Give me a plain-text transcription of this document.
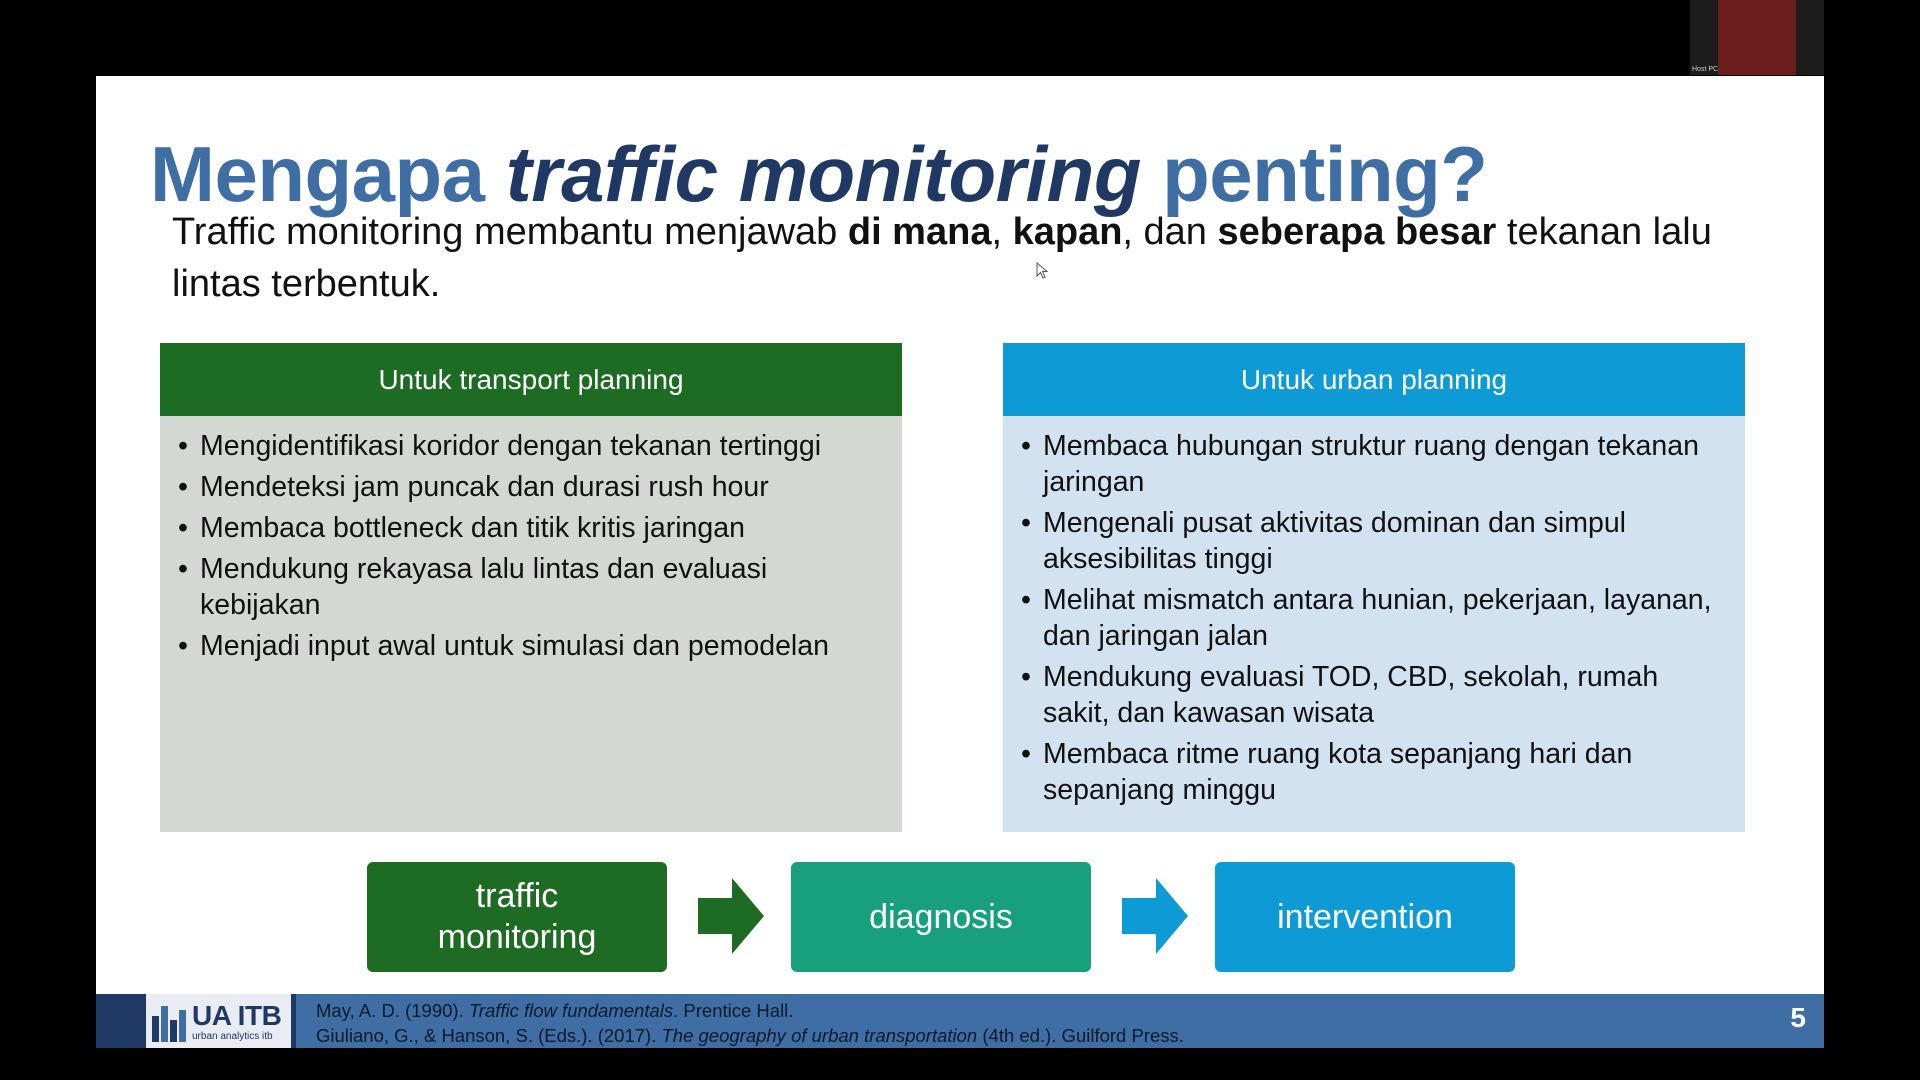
Host PC
Mengapa traffic monitoring penting?

Traffic monitoring membantu menjawab di mana, kapan, dan seberapa besar tekanan lalu lintas terbentuk.

Untuk transport planning
• Mengidentifikasi koridor dengan tekanan tertinggi
• Mendeteksi jam puncak dan durasi rush hour
• Membaca bottleneck dan titik kritis jaringan
• Mendukung rekayasa lalu lintas dan evaluasi kebijakan
• Menjadi input awal untuk simulasi dan pemodelan
Untuk urban planning
• Membaca hubungan struktur ruang dengan tekanan jaringan
• Mengenali pusat aktivitas dominan dan simpul aksesibilitas tinggi
• Melihat mismatch antara hunian, pekerjaan, layanan, dan jaringan jalan
• Mendukung evaluasi TOD, CBD, sekolah, rumah sakit, dan kawasan wisata
• Membaca ritme ruang kota sepanjang hari dan sepanjang minggu
traffic
monitoring
diagnosis	intervention
UA ITB
urban analytics itb
May, A. D. (1990). Traffic flow fundamentals. Prentice Hall.
Giuliano, G., & Hanson, S. (Eds.). (2017). The geography of urban transportation (4th ed.). Guilford Press.
5
